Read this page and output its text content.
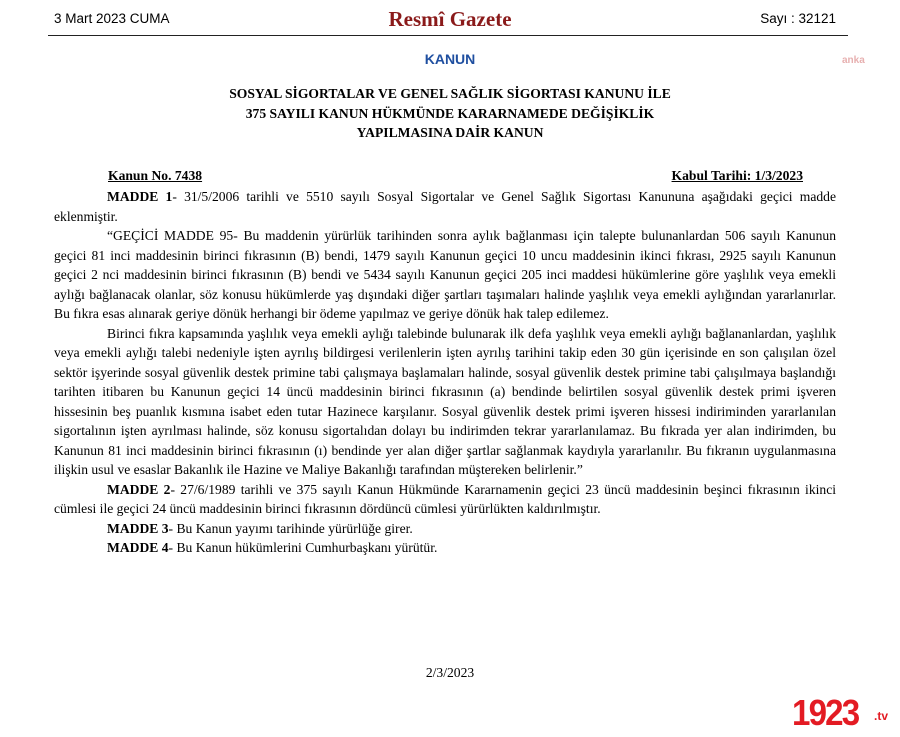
3 Mart 2023 CUMA	Resmî Gazete	Sayı : 32121
KANUN	anka
SOSYAL SİGORTALAR VE GENEL SAĞLIK SİGORTASI KANUNU İLE
375 SAYILI KANUN HÜKMÜNDE KARARNAMEDE DEĞİŞİKLİK
YAPILMASINA DAİR KANUN
Kanun No. 7438	Kabul Tarihi: 1/3/2023

MADDE 1- 31/5/2006 tarihli ve 5510 sayılı Sosyal Sigortalar ve Genel Sağlık Sigortası Kanununa aşağıdaki geçici madde eklenmiştir.

“GEÇİCİ MADDE 95- Bu maddenin yürürlük tarihinden sonra aylık bağlanması için talepte bulunanlardan 506 sayılı Kanunun geçici 81 inci maddesinin birinci fıkrasının (B) bendi, 1479 sayılı Kanunun geçici 10 uncu maddesinin ikinci fıkrası, 2925 sayılı Kanunun geçici 2 nci maddesinin birinci fıkrasının (B) bendi ve 5434 sayılı Kanunun geçici 205 inci maddesi hükümlerine göre yaşlılık veya emekli aylığı bağlanacak olanlar, söz konusu hükümlerde yaş dışındaki diğer şartları taşımaları halinde yaşlılık veya emekli aylığından yararlanırlar. Bu fıkra esas alınarak geriye dönük herhangi bir ödeme yapılmaz ve geriye dönük hak talep edilemez.

Birinci fıkra kapsamında yaşlılık veya emekli aylığı talebinde bulunarak ilk defa yaşlılık veya emekli aylığı bağlananlardan, yaşlılık veya emekli aylığı talebi nedeniyle işten ayrılış bildirgesi verilenlerin işten ayrılış tarihini takip eden 30 gün içerisinde en son çalışılan özel sektör işyerinde sosyal güvenlik destek primine tabi çalışmaya başlamaları halinde, sosyal güvenlik destek primine tabi çalışılmaya başlandığı tarihten itibaren bu Kanunun geçici 14 üncü maddesinin birinci fıkrasının (a) bendinde belirtilen sosyal güvenlik destek primi işveren hissesinin beş puanlık kısmına isabet eden tutar Hazinece karşılanır. Sosyal güvenlik destek primi işveren hissesi indiriminden yararlanılan sigortalının işten ayrılması halinde, söz konusu sigortalıdan dolayı bu indirimden tekrar yararlanılamaz. Bu fıkrada yer alan indirimden, bu Kanunun 81 inci maddesinin birinci fıkrasının (ı) bendinde yer alan diğer şartlar sağlanmak kaydıyla yararlanılır. Bu fıkranın uygulanmasına ilişkin usul ve esaslar Bakanlık ile Hazine ve Maliye Bakanlığı tarafından müştereken belirlenir.”

MADDE 2- 27/6/1989 tarihli ve 375 sayılı Kanun Hükmünde Kararnamenin geçici 23 üncü maddesinin beşinci fıkrasının ikinci cümlesi ile geçici 24 üncü maddesinin birinci fıkrasının dördüncü cümlesi yürürlükten kaldırılmıştır.

MADDE 3- Bu Kanun yayımı tarihinde yürürlüğe girer.

MADDE 4- Bu Kanun hükümlerini Cumhurbaşkanı yürütür.

2/3/2023
1923 .tv
